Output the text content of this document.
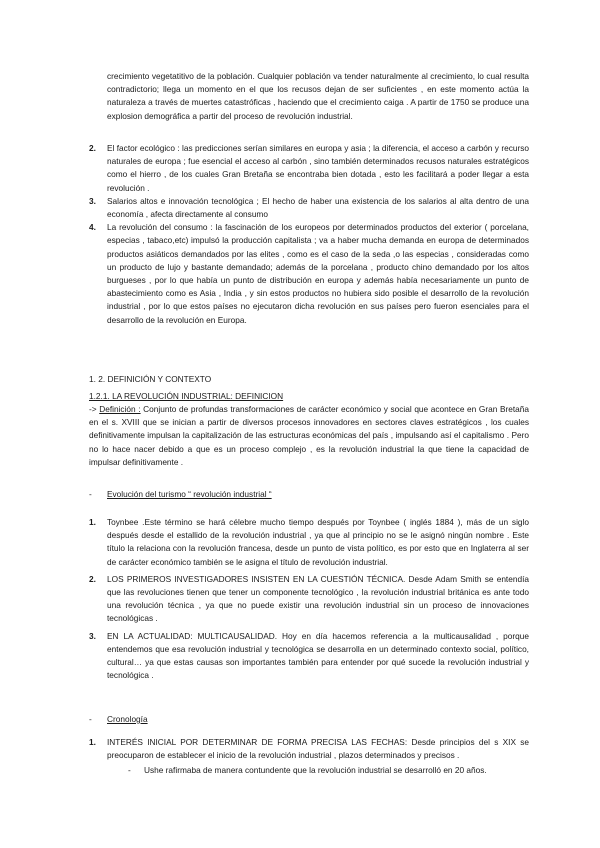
crecimiento vegetatitivo de la población. Cualquier población va tender naturalmente al crecimiento, lo cual resulta contradictorio; llega un momento en el que los recusos dejan de ser suficientes , en este momento actúa la naturaleza a través de muertes catastróficas , haciendo que el crecimiento caiga . A partir de 1750 se produce una explosion demográfica a partir del proceso de revolución industrial.

2. El factor ecológico : las predicciones serían similares en europa y asia ; la diferencia, el acceso a carbón y recurso naturales de europa ; fue esencial el acceso al carbón , sino también determinados recusos naturales estratégicos como el hierro , de los cuales Gran Bretaña se encontraba bien dotada , esto les facilitará a poder llegar a esta revolución .

3. Salarios altos e innovación tecnológica ; El hecho de haber una existencia de los salarios al alta dentro de una economía , afecta directamente al consumo

4. La revolución del consumo : la fascinación de los europeos por determinados productos del exterior ( porcelana, especias , tabaco,etc) impulsó la producción capitalista ; va a haber mucha demanda en europa de determinados productos asiáticos demandados por las elites , como es el caso de la seda ,o las especias , consideradas como un producto de lujo y bastante demandado; además de la porcelana , producto chino demandado por los altos burgueses , por lo que había un punto de distribución en europa y además había necesariamente un punto de abastecimiento como es Asia , India , y sin estos productos no hubiera sido posible el desarrollo de la revolución industrial , por lo que estos países no ejecutaron dicha revolución en sus países pero fueron esenciales para el desarrollo de la revolución en Europa.

1. 2. DEFINICIÓN Y CONTEXTO
1.2.1. LA REVOLUCIÓN INDUSTRIAL: DEFINICION

-> Definición : Conjunto de profundas transformaciones de carácter económico y social que acontece en Gran Bretaña en el s. XVIII que se inician a partir de diversos procesos innovadores en sectores claves estratégicos , los cuales definitivamente impulsan la capitalización de las estructuras económicas del país , impulsando así el capitalismo . Pero no lo hace nacer debido a que es un proceso complejo , es la revolución industrial la que tiene la capacidad de impulsar definitivamente .

- Evolución del turismo “ revolución industrial “
1. Toynbee .Este término se hará célebre mucho tiempo después por Toynbee ( inglés 1884 ), más de un siglo después desde el estallido de la revolución industrial , ya que al principio no se le asignó ningún nombre . Este título la relaciona con la revolución francesa, desde un punto de vista político, es por esto que en Inglaterra al ser de carácter económico también se le asigna el título de revolución industrial.

2. LOS PRIMEROS INVESTIGADORES INSISTEN EN LA CUESTIÓN TÉCNICA. Desde Adam Smith se entendía que las revoluciones tienen que tener un componente tecnológico , la revolución industrial británica es ante todo una revolución técnica , ya que no puede existir una revolución industrial sin un proceso de innovaciones tecnológicas .

3. EN LA ACTUALIDAD: MULTICAUSALIDAD. Hoy en día hacemos referencia a la multicausalidad , porque entendemos que esa revolución industrial y tecnológica se desarrolla en un determinado contexto social, político, cultural… ya que estas causas son importantes también para entender por qué sucede la revolución industrial y tecnológica .

- Cronología
1. INTERÉS INICIAL POR DETERMINAR DE FORMA PRECISA LAS FECHAS: Desde principios del s XIX se preocuparon de establecer el inicio de la revolución industrial , plazos determinados y precisos .

- Ushe rafirmaba de manera contundente que la revolución industrial se desarrolló en 20 años.
